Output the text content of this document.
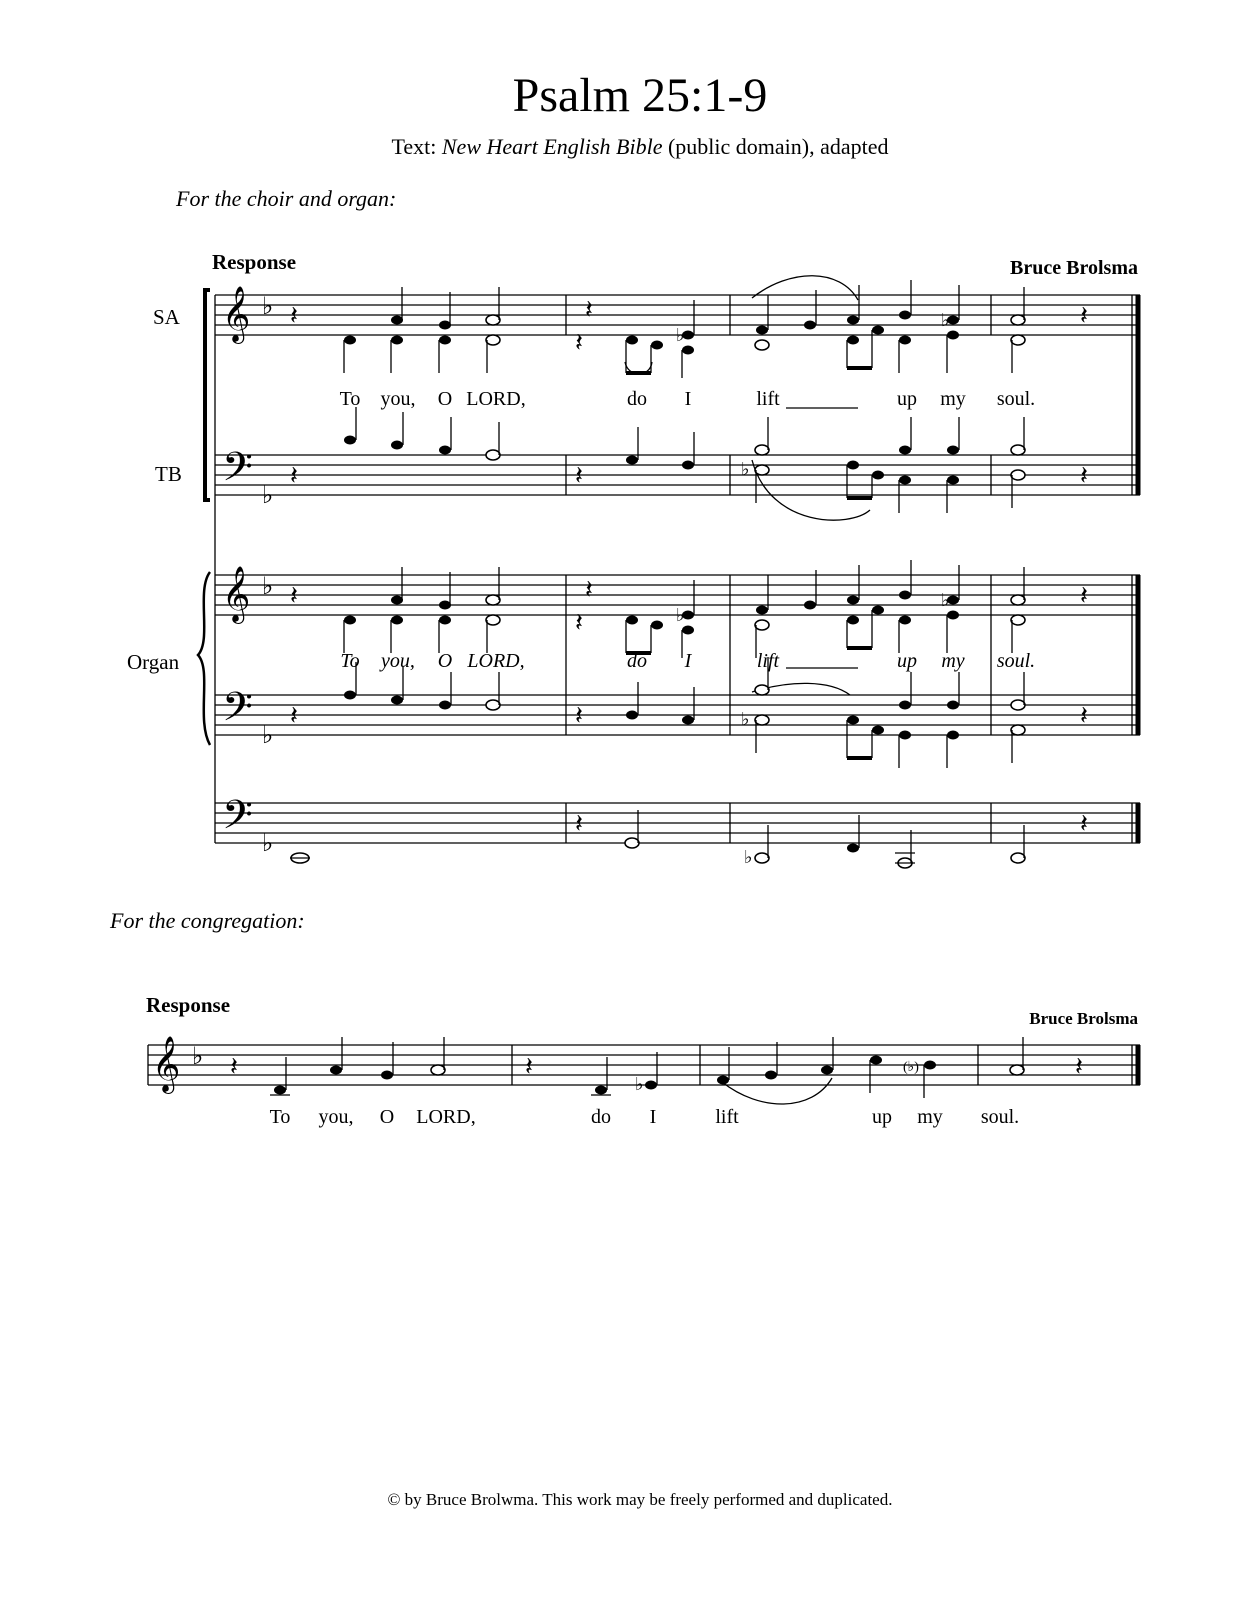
Psalm 25:1-9
Text: New Heart English Bible (public domain), adapted
For the choir and organ:
Response	Bruce Brolsma
SA
TB
Organ
𝄞
𝄢
𝄞
𝄢
𝄢
♭
♭
♭
♭
♭
𝄽	𝄽
𝄽
𝄽
𝄽	𝄽	𝄽
𝄽	𝄽
𝄽
𝄽
𝄽	𝄽	𝄽
𝄽	𝄽
♭
♭
♭
♭
♭
♭
♭
To	you,	O LORD,	do	I	lift	up	my	soul.
To	you,	O LORD,	do	I	lift	up	my	soul.
For the congregation:
Response
Bruce Brolsma
𝄞 ♭ 𝄽	𝄽	𝄽
♭
(♭)
To	you,	O	LORD,	do	I	lift	up	my	soul.
© by Bruce Brolwma. This work may be freely performed and duplicated.
